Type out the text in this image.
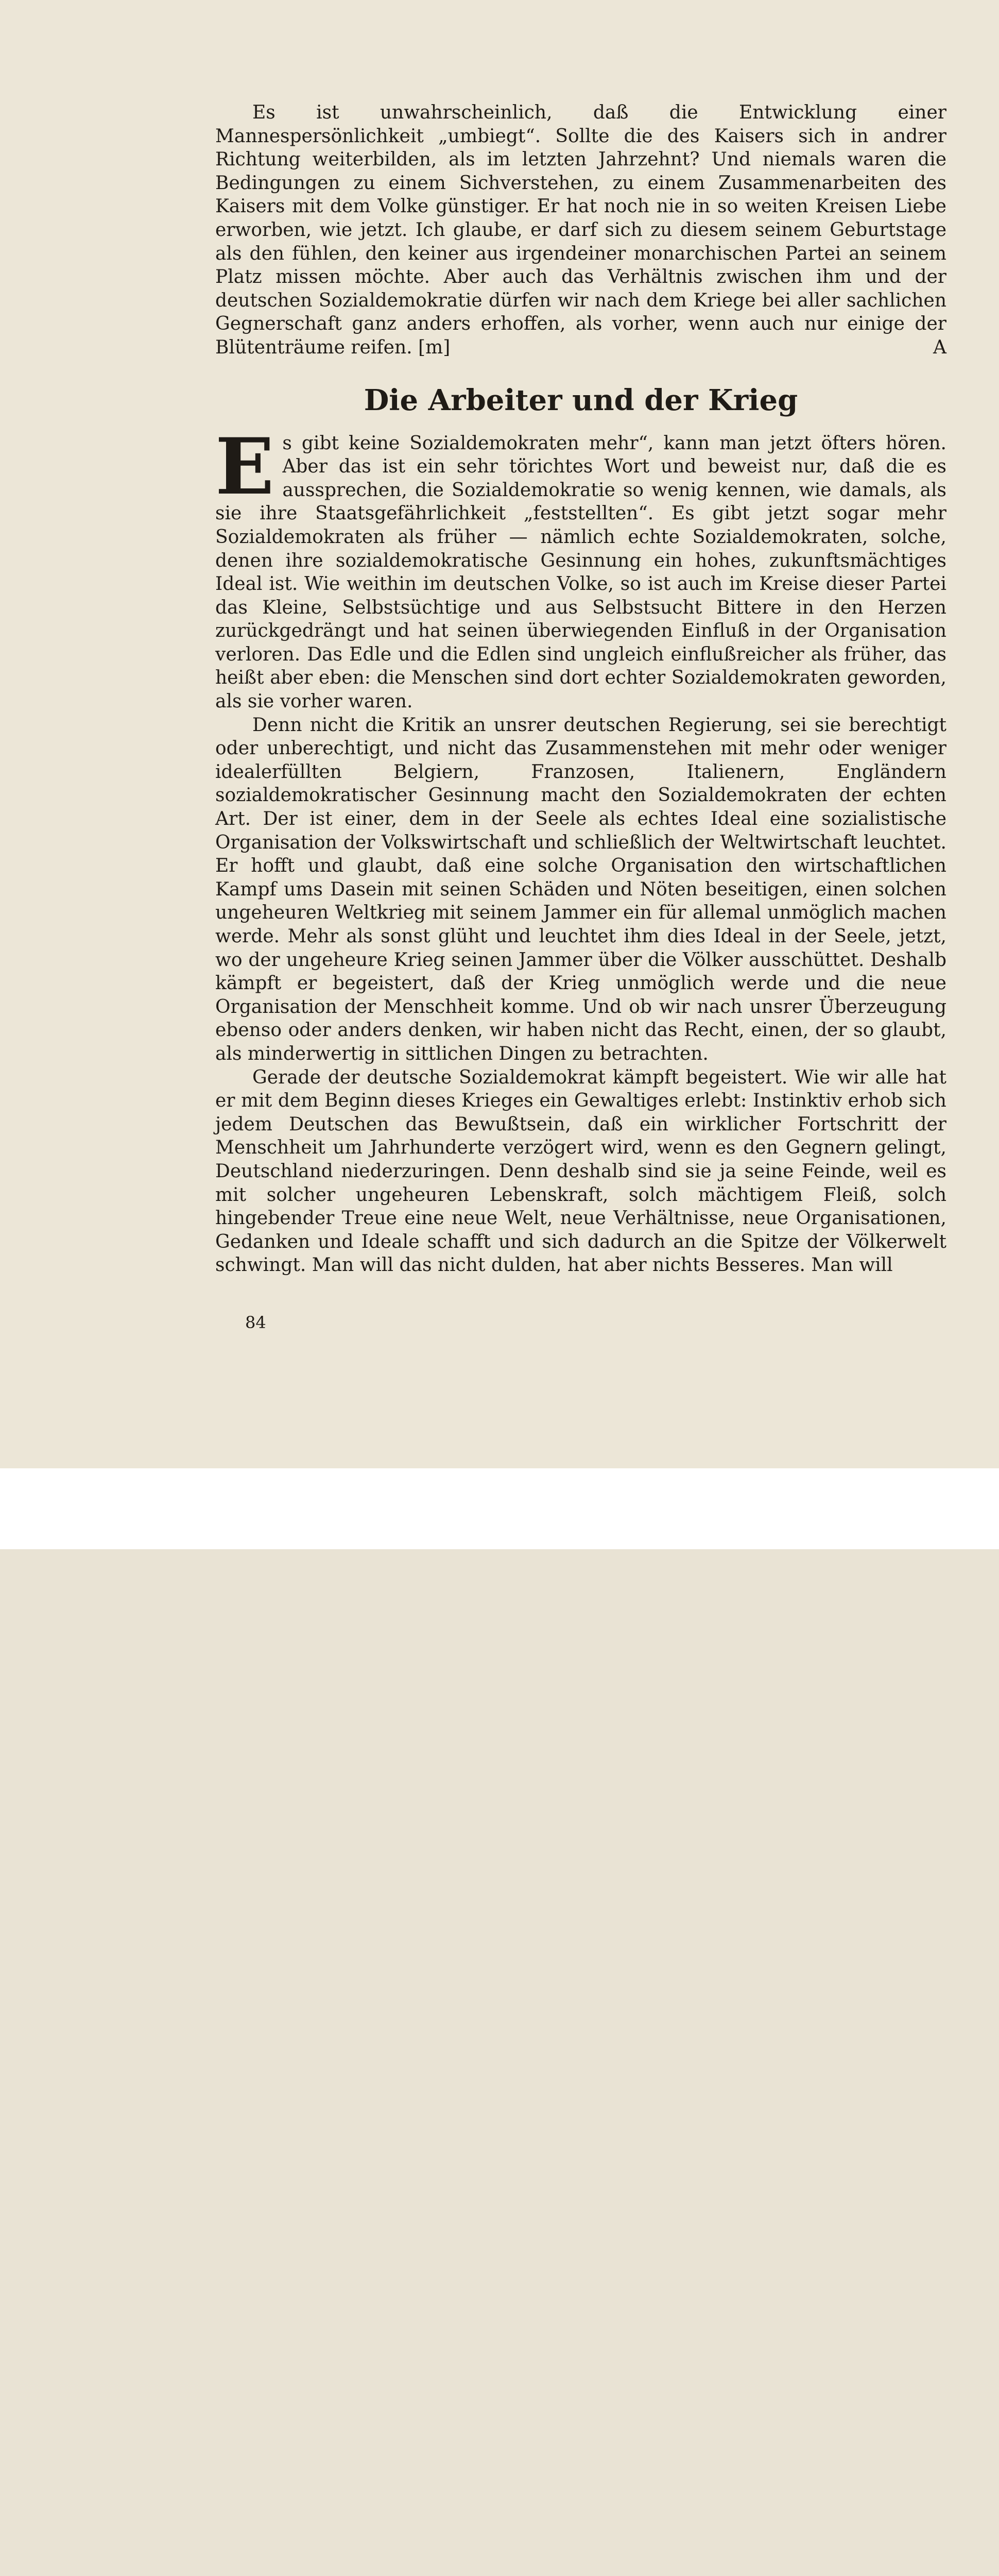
Es ist unwahrscheinlich, daß die Entwicklung einer Mannespersönlichkeit „umbiegt“. Sollte die des Kaisers sich in andrer Richtung weiterbilden, als im letzten Jahrzehnt? Und niemals waren die Bedingungen zu einem Sichverstehen, zu einem Zusammenarbeiten des Kaisers mit dem Volke günstiger. Er hat noch nie in so weiten Kreisen Liebe erworben, wie jetzt. Ich glaube, er darf sich zu diesem seinem Geburtstage als den fühlen, den keiner aus irgendeiner monarchischen Partei an seinem Platz missen möchte. Aber auch das Verhältnis zwischen ihm und der deutschen Sozialdemokratie dürfen wir nach dem Kriege bei aller sachlichen Gegnerschaft ganz anders erhoffen, als vorher, wenn auch nur einige der Blütenträume reifen. [m]	A
Die Arbeiter und der Krieg

Es gibt keine Sozialdemokraten mehr“, kann man jetzt öfters hören. Aber das ist ein sehr törichtes Wort und beweist nur, daß die es aussprechen, die Sozialdemokratie so wenig kennen, wie damals, als sie ihre Staatsgefährlichkeit „feststellten“. Es gibt jetzt sogar mehr Sozialdemokraten als früher — nämlich echte Sozialdemokraten, solche, denen ihre sozialdemokratische Gesinnung ein hohes, zukunftsmächtiges Ideal ist. Wie weithin im deutschen Volke, so ist auch im Kreise dieser Partei das Kleine, Selbstsüchtige und aus Selbstsucht Bittere in den Herzen zurückgedrängt und hat seinen überwiegenden Einfluß in der Organisation verloren. Das Edle und die Edlen sind ungleich einflußreicher als früher, das heißt aber eben: die Menschen sind dort echter Sozialdemokraten geworden, als sie vorher waren.

Denn nicht die Kritik an unsrer deutschen Regierung, sei sie berechtigt oder unberechtigt, und nicht das Zusammenstehen mit mehr oder weniger idealerfüllten Belgiern, Franzosen, Italienern, Engländern sozialdemokratischer Gesinnung macht den Sozialdemokraten der echten Art. Der ist einer, dem in der Seele als echtes Ideal eine sozialistische Organisation der Volkswirtschaft und schließlich der Weltwirtschaft leuchtet. Er hofft und glaubt, daß eine solche Organisation den wirtschaftlichen Kampf ums Dasein mit seinen Schäden und Nöten beseitigen, einen solchen ungeheuren Weltkrieg mit seinem Jammer ein für allemal unmöglich machen werde. Mehr als sonst glüht und leuchtet ihm dies Ideal in der Seele, jetzt, wo der ungeheure Krieg seinen Jammer über die Völker ausschüttet. Deshalb kämpft er begeistert, daß der Krieg unmöglich werde und die neue Organisation der Menschheit komme. Und ob wir nach unsrer Überzeugung ebenso oder anders denken, wir haben nicht das Recht, einen, der so glaubt, als minderwertig in sittlichen Dingen zu betrachten.

Gerade der deutsche Sozialdemokrat kämpft begeistert. Wie wir alle hat er mit dem Beginn dieses Krieges ein Gewaltiges erlebt: Instinktiv erhob sich jedem Deutschen das Bewußtsein, daß ein wirklicher Fortschritt der Menschheit um Jahrhunderte verzögert wird, wenn es den Gegnern gelingt, Deutschland niederzuringen. Denn deshalb sind sie ja seine Feinde, weil es mit solcher ungeheuren Lebenskraft, solch mächtigem Fleiß, solch hingebender Treue eine neue Welt, neue Verhältnisse, neue Organisationen, Gedanken und Ideale schafft und sich dadurch an die Spitze der Völkerwelt schwingt. Man will das nicht dulden, hat aber nichts Besseres. Man will

84
